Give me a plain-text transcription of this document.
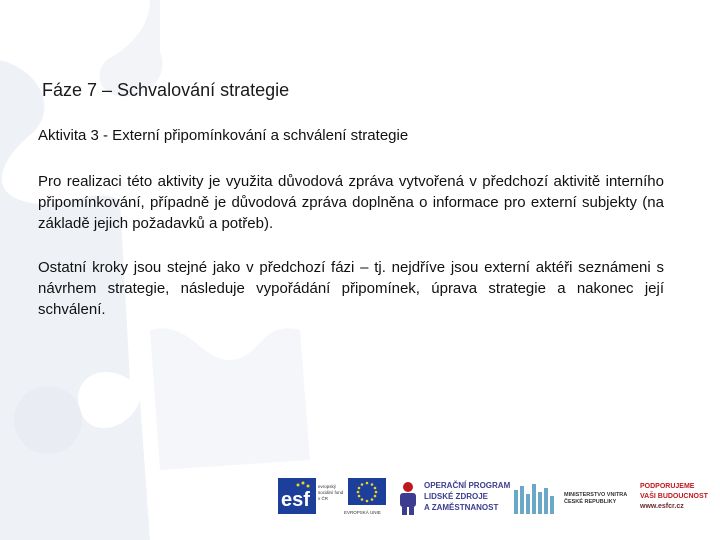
Fáze 7 – Schvalování strategie
Aktivita 3 - Externí připomínkování a schválení strategie
Pro realizaci této aktivity je využita důvodová zpráva vytvořená v předchozí aktivitě interního připomínkování, případně je důvodová zpráva doplněna o informace pro externí subjekty (na základě jejich požadavků a potřeb).
Ostatní kroky jsou stejné jako v předchozí fázi – tj. nejdříve jsou externí aktéři seznámeni s návrhem strategie, následuje vypořádání připomínek, úprava strategie a nakonec její schválení.
esf
evropský sociální fond v ČR
EVROPSKÁ UNIE
OPERAČNÍ PROGRAM
LIDSKÉ ZDROJE
A ZAMĚSTNANOST
MINISTERSTVO VNITRA
ČESKÉ REPUBLIKY
PODPORUJEME
VAŠI BUDOUCNOST
www.esfcr.cz
